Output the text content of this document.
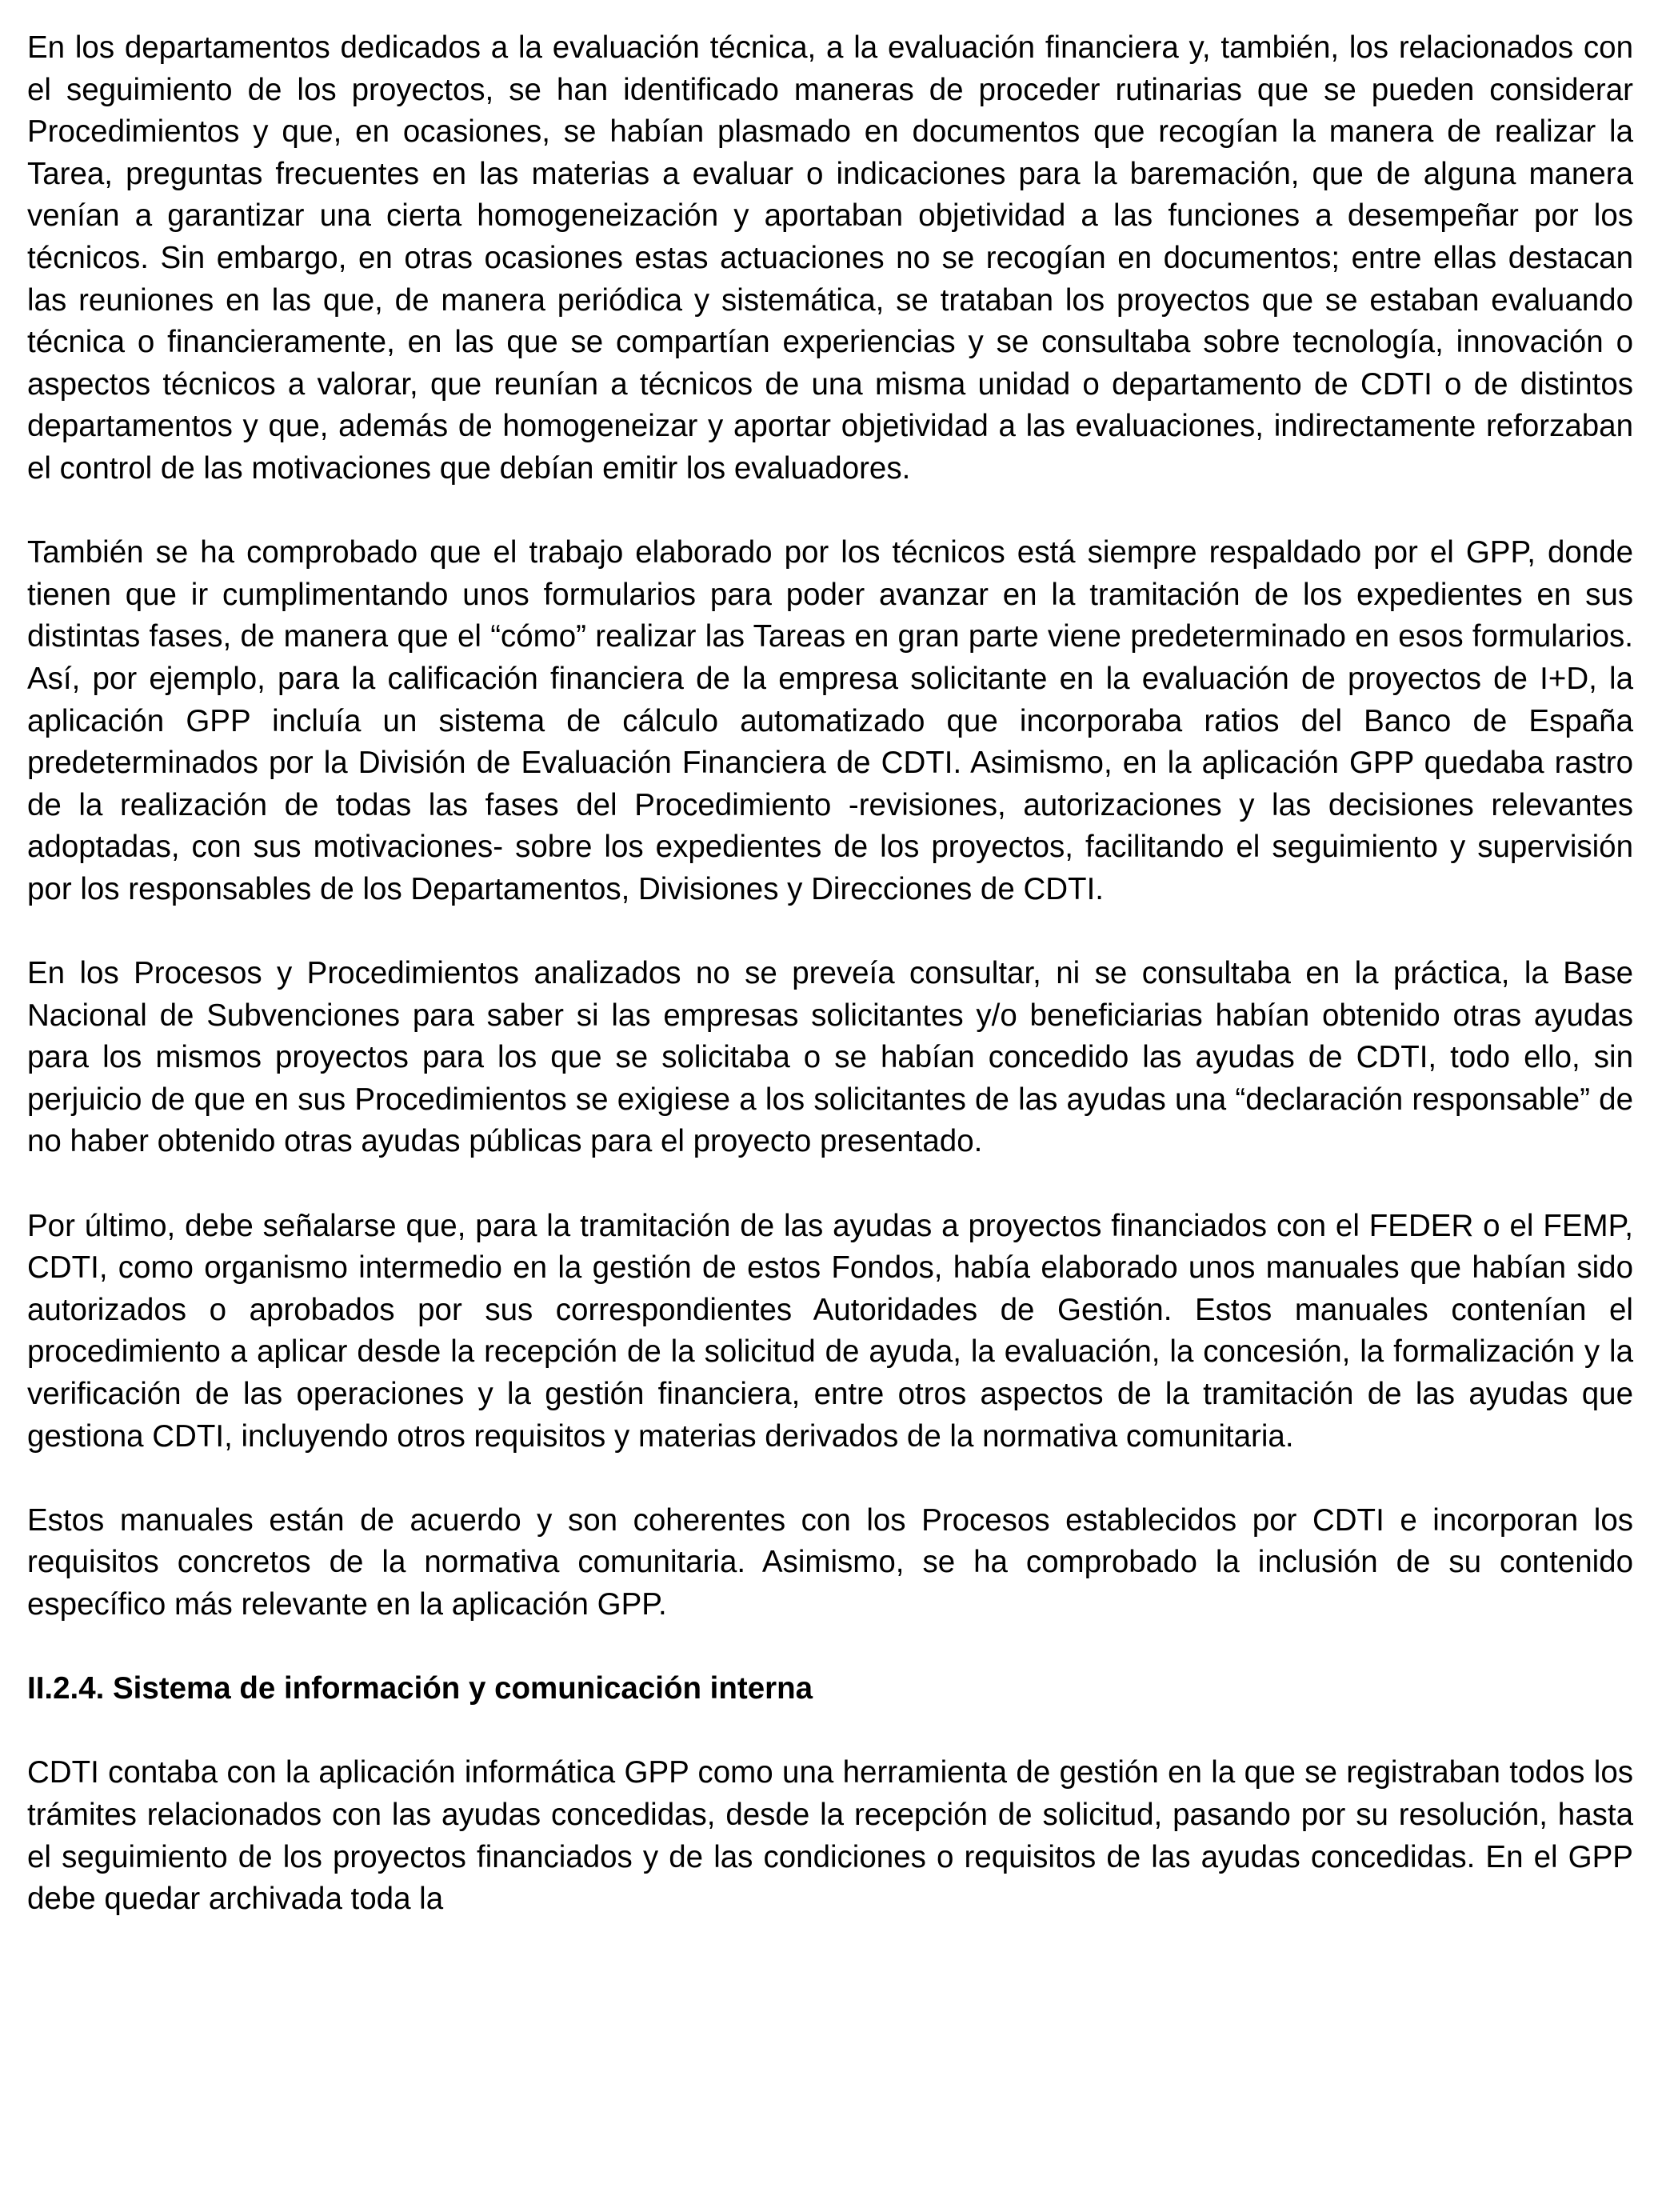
En los departamentos dedicados a la evaluación técnica, a la evaluación financiera y, también, los relacionados con el seguimiento de los proyectos, se han identificado maneras de proceder rutinarias que se pueden considerar Procedimientos y que, en ocasiones, se habían plasmado en documentos que recogían la manera de realizar la Tarea, preguntas frecuentes en las materias a evaluar o indicaciones para la baremación, que de alguna manera venían a garantizar una cierta homogeneización y aportaban objetividad a las funciones a desempeñar por los técnicos. Sin embargo, en otras ocasiones estas actuaciones no se recogían en documentos; entre ellas destacan las reuniones en las que, de manera periódica y sistemática, se trataban los proyectos que se estaban evaluando técnica o financieramente, en las que se compartían experiencias y se consultaba sobre tecnología, innovación o aspectos técnicos a valorar, que reunían a técnicos de una misma unidad o departamento de CDTI o de distintos departamentos y que, además de homogeneizar y aportar objetividad a las evaluaciones, indirectamente reforzaban el control de las motivaciones que debían emitir los evaluadores.

También se ha comprobado que el trabajo elaborado por los técnicos está siempre respaldado por el GPP, donde tienen que ir cumplimentando unos formularios para poder avanzar en la tramitación de los expedientes en sus distintas fases, de manera que el “cómo” realizar las Tareas en gran parte viene predeterminado en esos formularios. Así, por ejemplo, para la calificación financiera de la empresa solicitante en la evaluación de proyectos de I+D, la aplicación GPP incluía un sistema de cálculo automatizado que incorporaba ratios del Banco de España predeterminados por la División de Evaluación Financiera de CDTI. Asimismo, en la aplicación GPP quedaba rastro de la realización de todas las fases del Procedimiento -revisiones, autorizaciones y las decisiones relevantes adoptadas, con sus motivaciones- sobre los expedientes de los proyectos, facilitando el seguimiento y supervisión por los responsables de los Departamentos, Divisiones y Direcciones de CDTI.

En los Procesos y Procedimientos analizados no se preveía consultar, ni se consultaba en la práctica, la Base Nacional de Subvenciones para saber si las empresas solicitantes y/o beneficiarias habían obtenido otras ayudas para los mismos proyectos para los que se solicitaba o se habían concedido las ayudas de CDTI, todo ello, sin perjuicio de que en sus Procedimientos se exigiese a los solicitantes de las ayudas una “declaración responsable” de no haber obtenido otras ayudas públicas para el proyecto presentado.

Por último, debe señalarse que, para la tramitación de las ayudas a proyectos financiados con el FEDER o el FEMP, CDTI, como organismo intermedio en la gestión de estos Fondos, había elaborado unos manuales que habían sido autorizados o aprobados por sus correspondientes Autoridades de Gestión. Estos manuales contenían el procedimiento a aplicar desde la recepción de la solicitud de ayuda, la evaluación, la concesión, la formalización y la verificación de las operaciones y la gestión financiera, entre otros aspectos de la tramitación de las ayudas que gestiona CDTI, incluyendo otros requisitos y materias derivados de la normativa comunitaria.

Estos manuales están de acuerdo y son coherentes con los Procesos establecidos por CDTI e incorporan los requisitos concretos de la normativa comunitaria. Asimismo, se ha comprobado la inclusión de su contenido específico más relevante en la aplicación GPP.

II.2.4. Sistema de información y comunicación interna

CDTI contaba con la aplicación informática GPP como una herramienta de gestión en la que se registraban todos los trámites relacionados con las ayudas concedidas, desde la recepción de solicitud, pasando por su resolución, hasta el seguimiento de los proyectos financiados y de las condiciones o requisitos de las ayudas concedidas. En el GPP debe quedar archivada toda la
